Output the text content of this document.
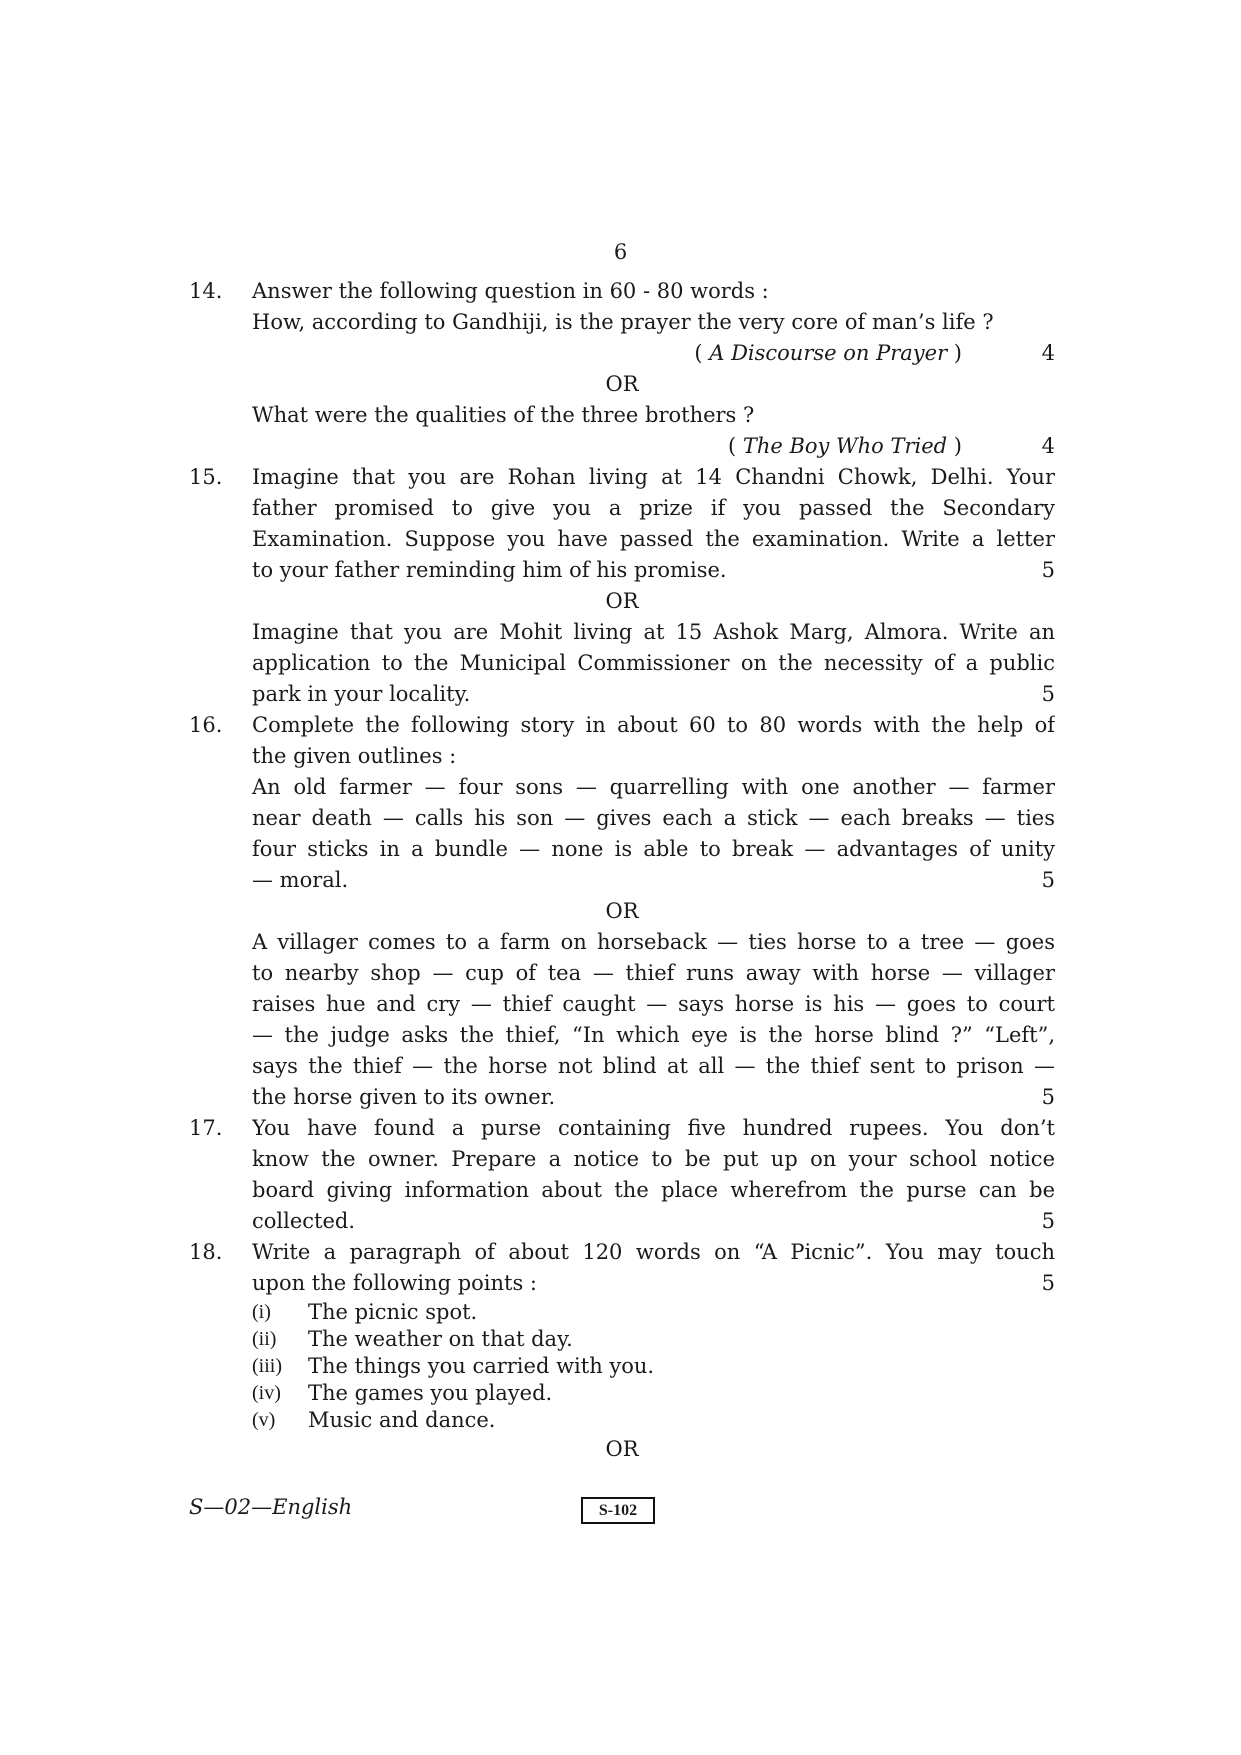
6
14.	Answer the following question in 60 - 80 words :
How, according to Gandhiji, is the prayer the very core of man’s life ?
( A Discourse on Prayer )	4
OR
What were the qualities of the three brothers ?
( The Boy Who Tried )	4
15.	Imagine that you are Rohan living at 14 Chandni Chowk, Delhi. Your
father promised to give you a prize if you passed the Secondary
Examination. Suppose you have passed the examination. Write a letter
to your father reminding him of his promise.	5
OR
Imagine that you are Mohit living at 15 Ashok Marg, Almora. Write an
application to the Municipal Commissioner on the necessity of a public
park in your locality.	5
16.	Complete the following story in about 60 to 80 words with the help of
the given outlines :
An old farmer — four sons — quarrelling with one another — farmer
near death — calls his son — gives each a stick — each breaks — ties
four sticks in a bundle — none is able to break — advantages of unity
— moral.	5
OR
A villager comes to a farm on horseback — ties horse to a tree — goes
to nearby shop — cup of tea — thief runs away with horse — villager
raises hue and cry — thief caught — says horse is his — goes to court
— the judge asks the thief, “In which eye is the horse blind ?” “Left”,
says the thief — the horse not blind at all — the thief sent to prison —
the horse given to its owner.	5
17.	You have found a purse containing five hundred rupees. You don’t
know the owner. Prepare a notice to be put up on your school notice
board giving information about the place wherefrom the purse can be
collected.	5
18.	Write a paragraph of about 120 words on “A Picnic”. You may touch
upon the following points :	5
(i) The picnic spot.
(ii) The weather on that day.
(iii) The things you carried with you.
(iv) The games you played.
(v) Music and dance.
OR
S—02—English	S-102
